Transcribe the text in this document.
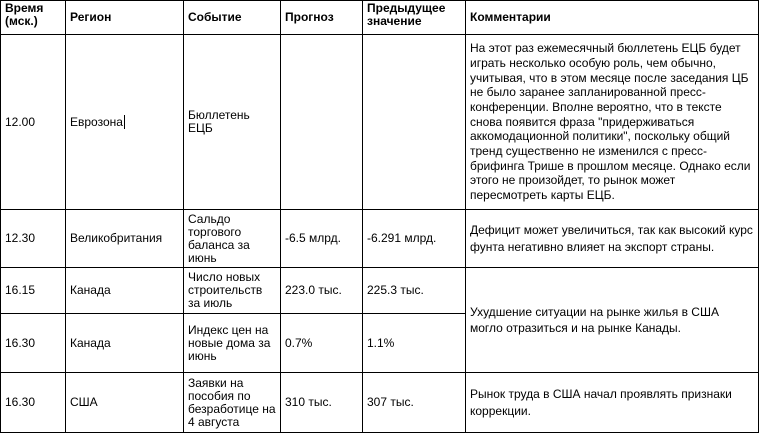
Время (мск.)	Регион	Событие	Прогноз	Предыдущее значение	Комментарии
12.00	Еврозона	Бюллетень ЕЦБ			На этот раз ежемесячный бюллетень ЕЦБ будет играть несколько особую роль, чем обычно, учитывая, что в этом месяце после заседания ЦБ не было заранее запланированной пресс-конференции. Вполне вероятно, что в тексте снова появится фраза "придерживаться аккомодационной политики", поскольку общий тренд существенно не изменился с пресс-брифинга Трише в прошлом месяце. Однако если этого не произойдет, то рынок может пересмотреть карты ЕЦБ.
12.30	Великобритания	Сальдо торгового баланса за июнь	-6.5 млрд.	-6.291 млрд.	Дефицит может увеличиться, так как высокий курс фунта негативно влияет на экспорт страны.
16.15	Канада	Число новых строительств за июль	223.0 тыс.	225.3 тыс.	Ухудшение ситуации на рынке жилья в США могло отразиться и на рынке Канады.
16.30	Канада	Индекс цен на новые дома за июнь	0.7%	1.1%	
16.30	США	Заявки на пособия по безработице на 4 августа	310 тыс.	307 тыс.	Рынок труда в США начал проявлять признаки коррекции.
